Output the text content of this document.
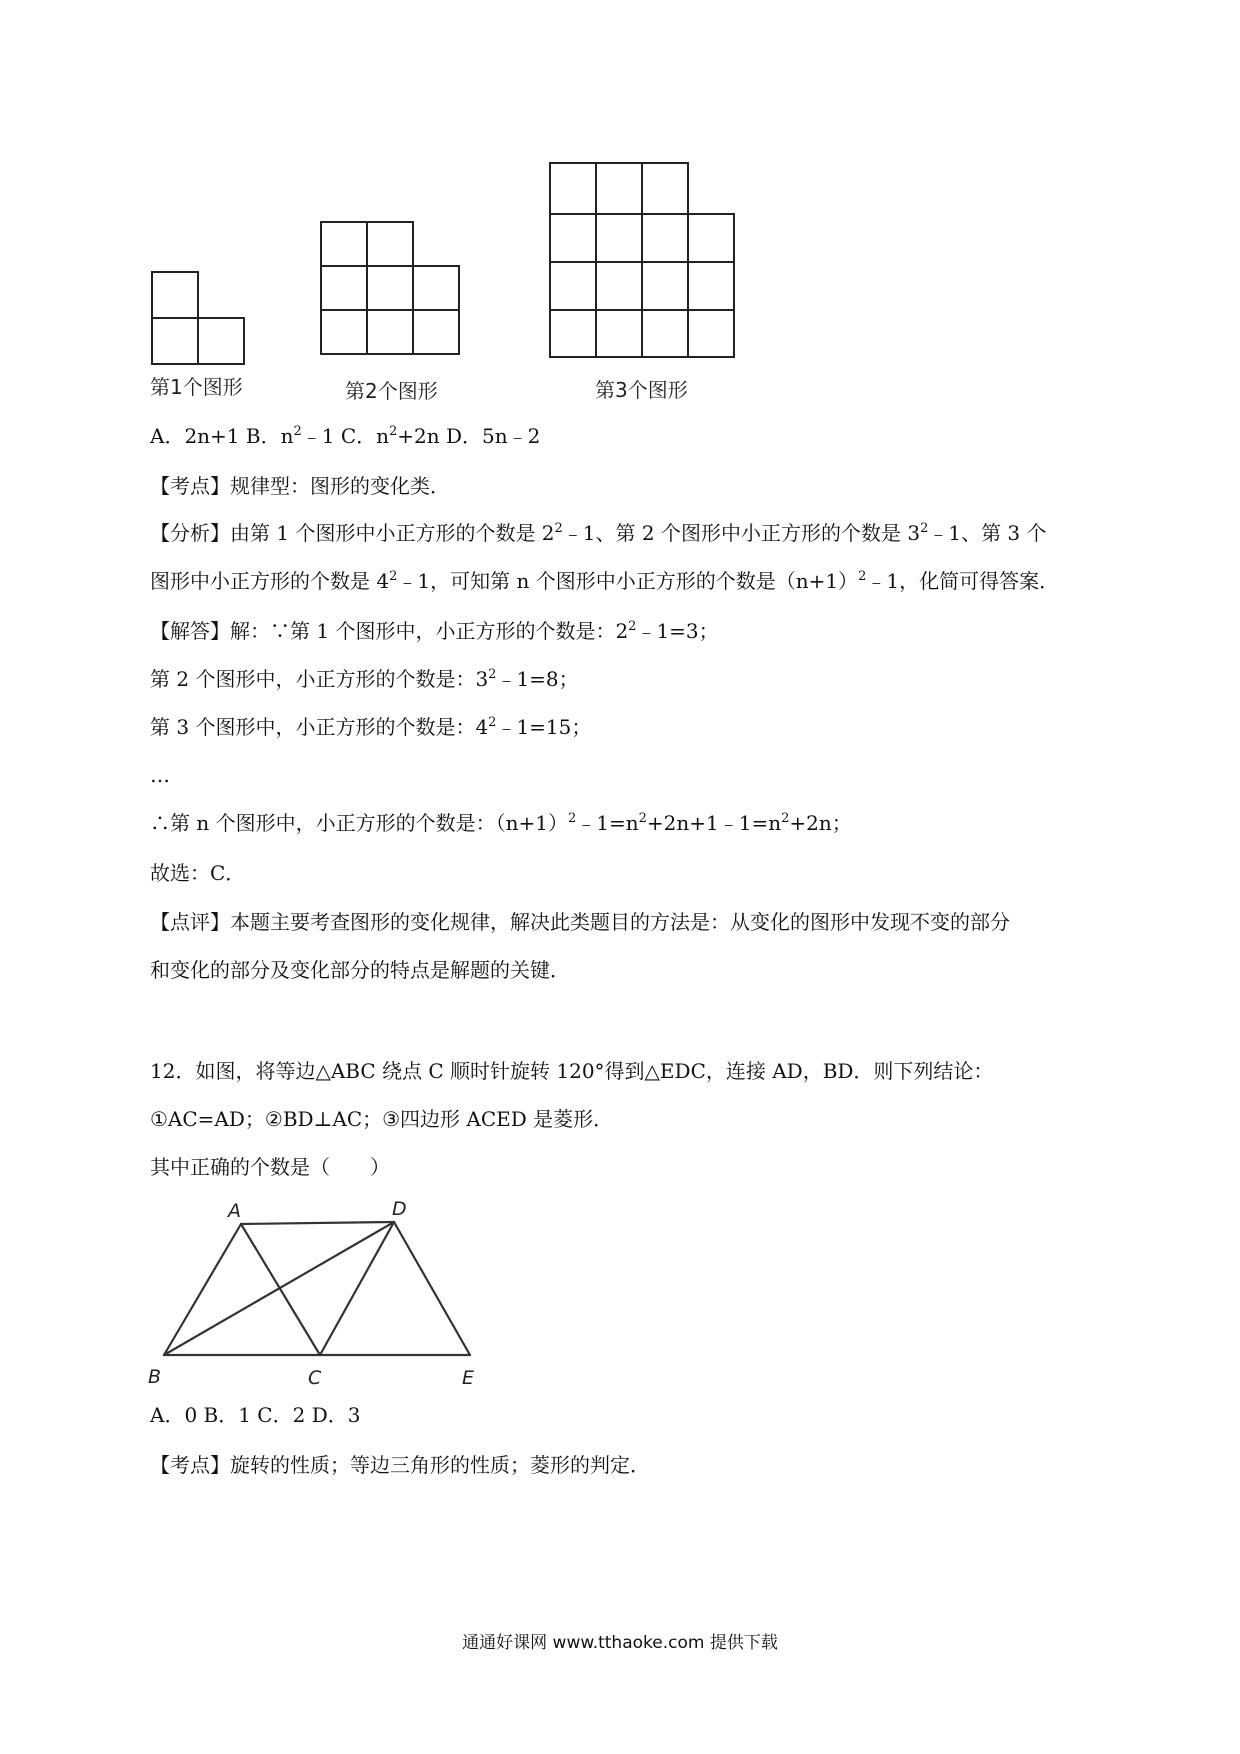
第1个图形	第2个图形	第3个图形
A．2n+1 B．$n^2﹣1$ C．$n^2+2n$ D．5n﹣2
【考点】规律型：图形的变化类．
【分析】由第 1 个图形中小正方形的个数是 $2^2﹣1$、第 2 个图形中小正方形的个数是 $3^2﹣1$、第 3 个
图形中小正方形的个数是 $4^2﹣1$，可知第 n 个图形中小正方形的个数是$(n+1)^2﹣1$，化简可得答案．
【解答】解：∵第 1 个图形中，小正方形的个数是：$2^2﹣1=3$；
第 2 个图形中，小正方形的个数是：$3^2﹣1=8$；
第 3 个图形中，小正方形的个数是：$4^2﹣1=15$；
…
∴第 n 个图形中，小正方形的个数是：$(n+1)^2﹣1=n^2+2n+1﹣1=n^2+2n$；
故选：C．
【点评】本题主要考查图形的变化规律，解决此类题目的方法是：从变化的图形中发现不变的部分
和变化的部分及变化部分的特点是解题的关键．
12．如图，将等边△ABC 绕点 C 顺时针旋转 120°得到△EDC，连接 AD，BD．则下列结论：
①AC=AD；②BD⊥AC；③四边形 ACED 是菱形．
其中正确的个数是（　　）
A	D
B	C	E
A．0 B．1 C．2 D．3
【考点】旋转的性质；等边三角形的性质；菱形的判定．
通通好课网 www.tthaoke.com 提供下载
